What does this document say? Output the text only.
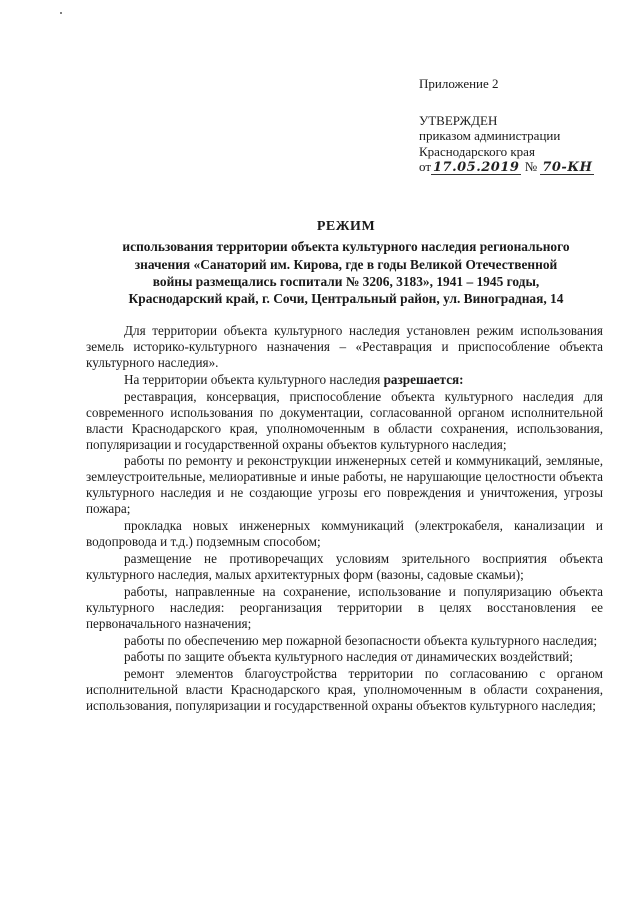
Приложение 2
УТВЕРЖДЕН
приказом администрации
Краснодарского края
от 17.05.2019 № 70-КН
РЕЖИМ
использования территории объекта культурного наследия регионального
значения «Санаторий им. Кирова, где в годы Великой Отечественной
войны размещались госпитали № 3206, 3183», 1941 – 1945 годы,
Краснодарский край, г. Сочи, Центральный район, ул. Виноградная, 14

Для территории объекта культурного наследия установлен режим использования земель историко-культурного назначения – «Реставрация и приспособление объекта культурного наследия».

На территории объекта культурного наследия разрешается:

реставрация, консервация, приспособление объекта культурного наследия для современного использования по документации, согласованной органом исполнительной власти Краснодарского края, уполномоченным в области сохранения, использования, популяризации и государственной охраны объектов культурного наследия;

работы по ремонту и реконструкции инженерных сетей и коммуникаций, земляные, землеустроительные, мелиоративные и иные работы, не нарушающие целостности объекта культурного наследия и не создающие угрозы его повреждения и уничтожения, угрозы пожара;

прокладка новых инженерных коммуникаций (электрокабеля, канализации и водопровода и т.д.) подземным способом;

размещение не противоречащих условиям зрительного восприятия объекта культурного наследия, малых архитектурных форм (вазоны, садовые скамьи);

работы, направленные на сохранение, использование и популяризацию объекта культурного наследия: реорганизация территории в целях восстановления ее первоначального назначения;

работы по обеспечению мер пожарной безопасности объекта культурного наследия;

работы по защите объекта культурного наследия от динамических воздействий;

ремонт элементов благоустройства территории по согласованию с органом исполнительной власти Краснодарского края, уполномоченным в области сохранения, использования, популяризации и государственной охраны объектов культурного наследия;
